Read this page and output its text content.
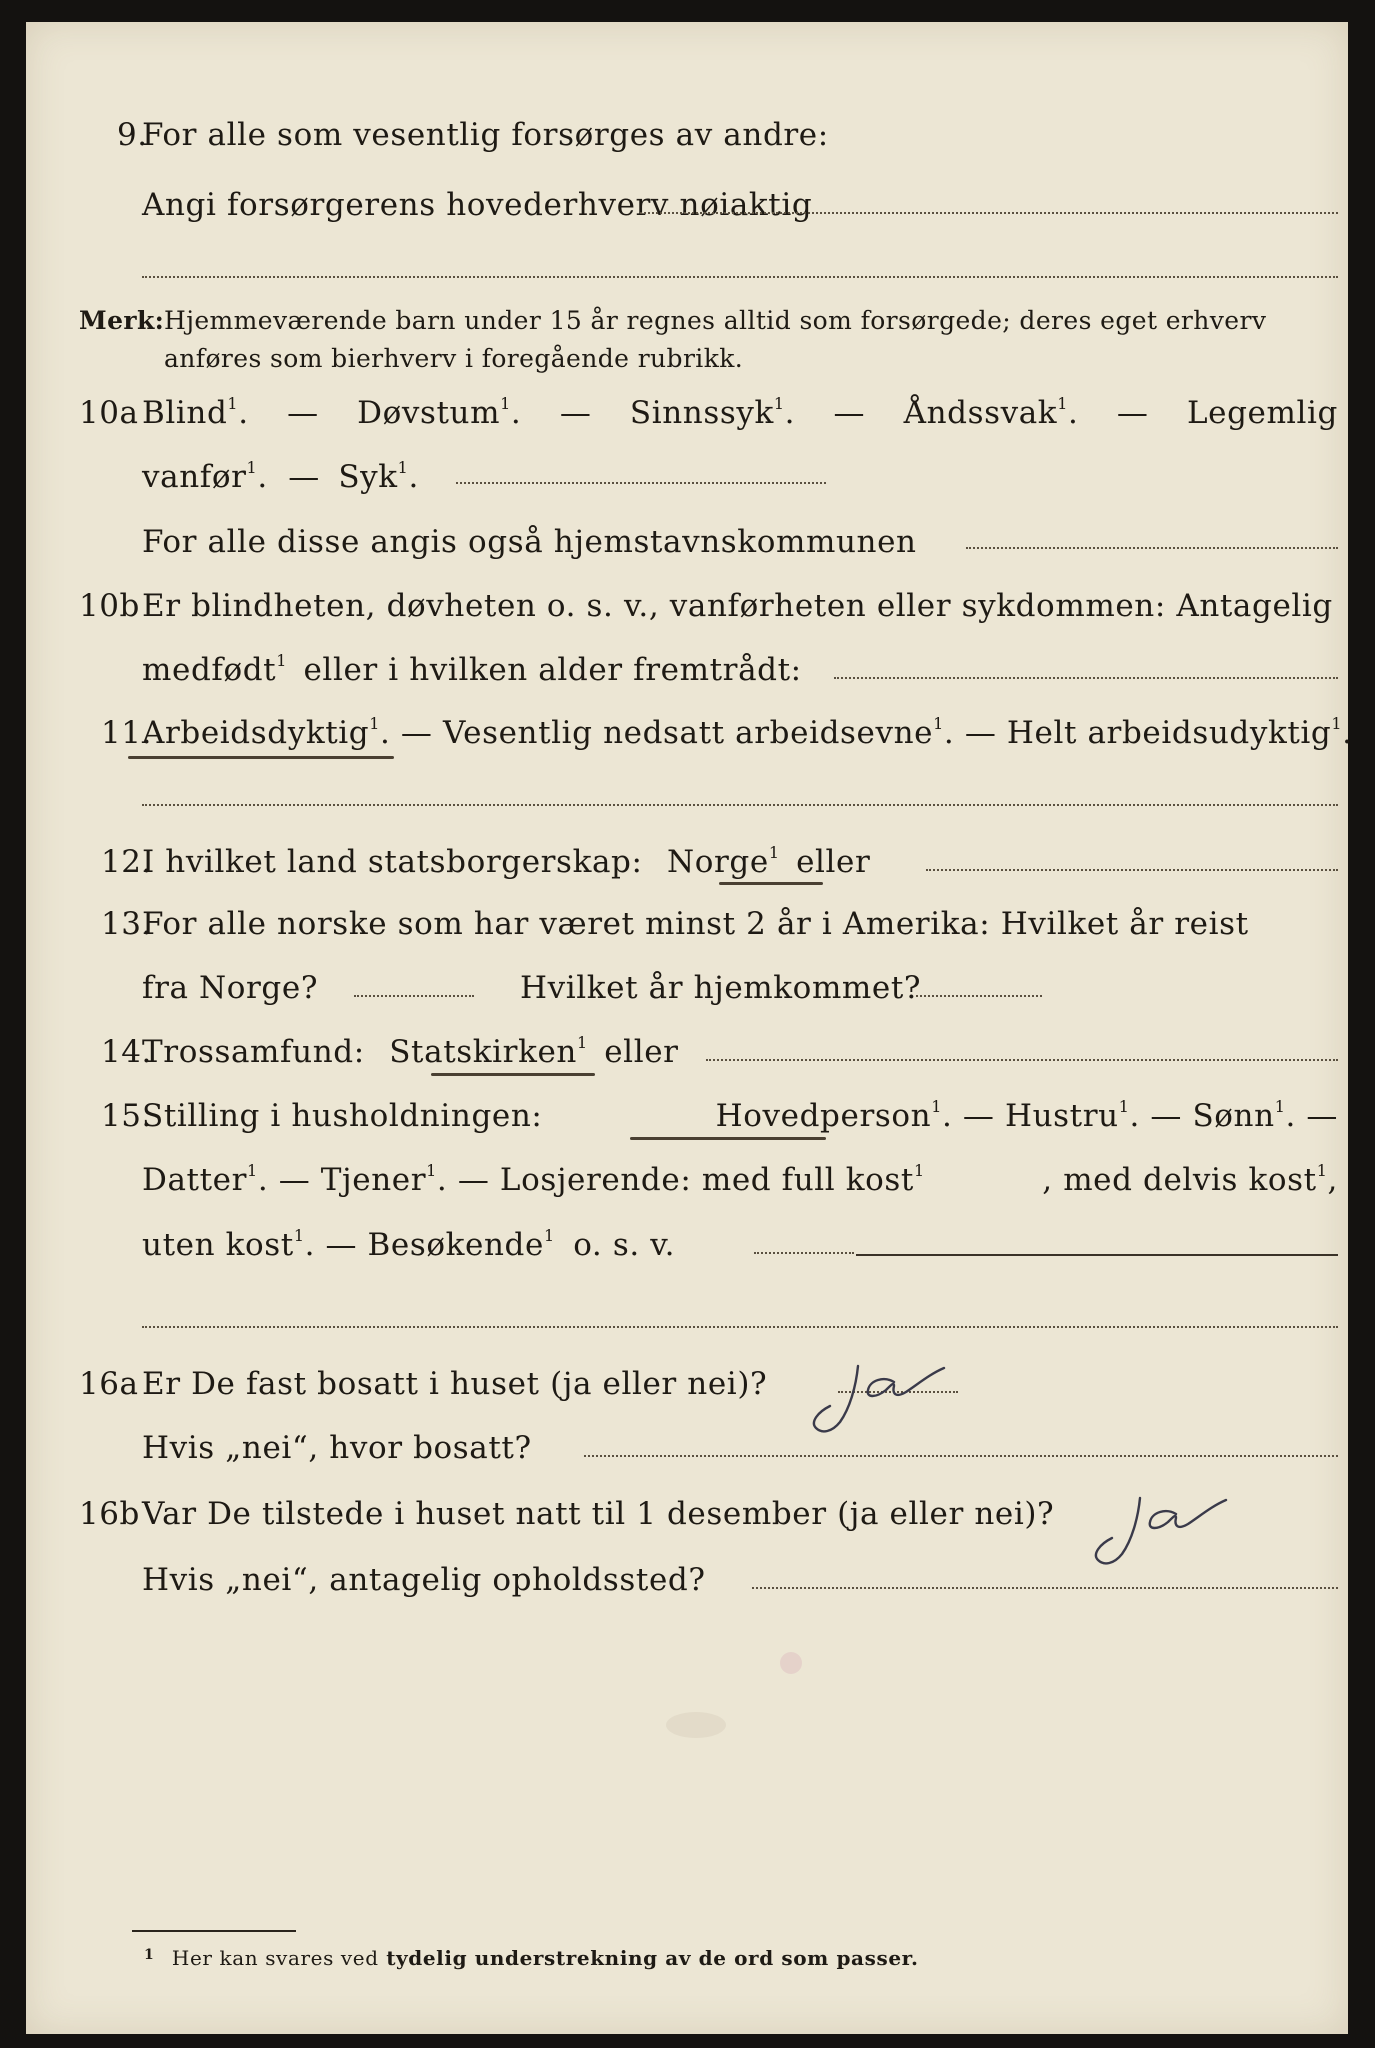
9.
For alle som vesentlig forsørges av andre:
Angi forsørgerens hovederhverv nøiaktig
Merk: Hjemmeværende barn under 15 år regnes alltid som forsørgede; deres eget erhverv
anføres som bierhverv i foregående rubrikk.
10a Blind$^1$. — Døvstum$^1$. — Sinnssyk$^1$. — Åndssvak$^1$. — Legemlig
vanfør$^1$. — Syk$^1$.
For alle disse angis også hjemstavnskommunen
10b Er blindheten, døvheten o. s. v., vanførheten eller sykdommen: Antagelig
medfødt$^1$ eller i hvilken alder fremtrådt:
11.
Arbeidsdyktig$^1$. — Vesentlig nedsatt arbeidsevne$^1$. — Helt arbeidsudyktig$^1$.
12.
I hvilket land statsborgerskap: Norge$^1$ eller
13.
For alle norske som har været minst 2 år i Amerika: Hvilket år reist
fra Norge?	Hvilket år hjemkommet?
14.
Trossamfund: Statskirken$^1$ eller
15.
Stilling i husholdningen:	Hovedperson$^1$. — Hustru$^1$. — Sønn$^1$. —
Datter$^1$. — Tjener$^1$. — Losjerende: med full kost$^1$	, med delvis kost$^1$,
uten kost$^1$. — Besøkende$^1$ o. s. v.
16a Er De fast bosatt i huset (ja eller nei)?
ja
Hvis „nei“, hvor bosatt?
16b Var De tilstede i huset natt til 1 desember (ja eller nei)?
ja
Hvis „nei“, antagelig opholdssted?
$^1$ Her kan svares ved tydelig understrekning av de ord som passer.
